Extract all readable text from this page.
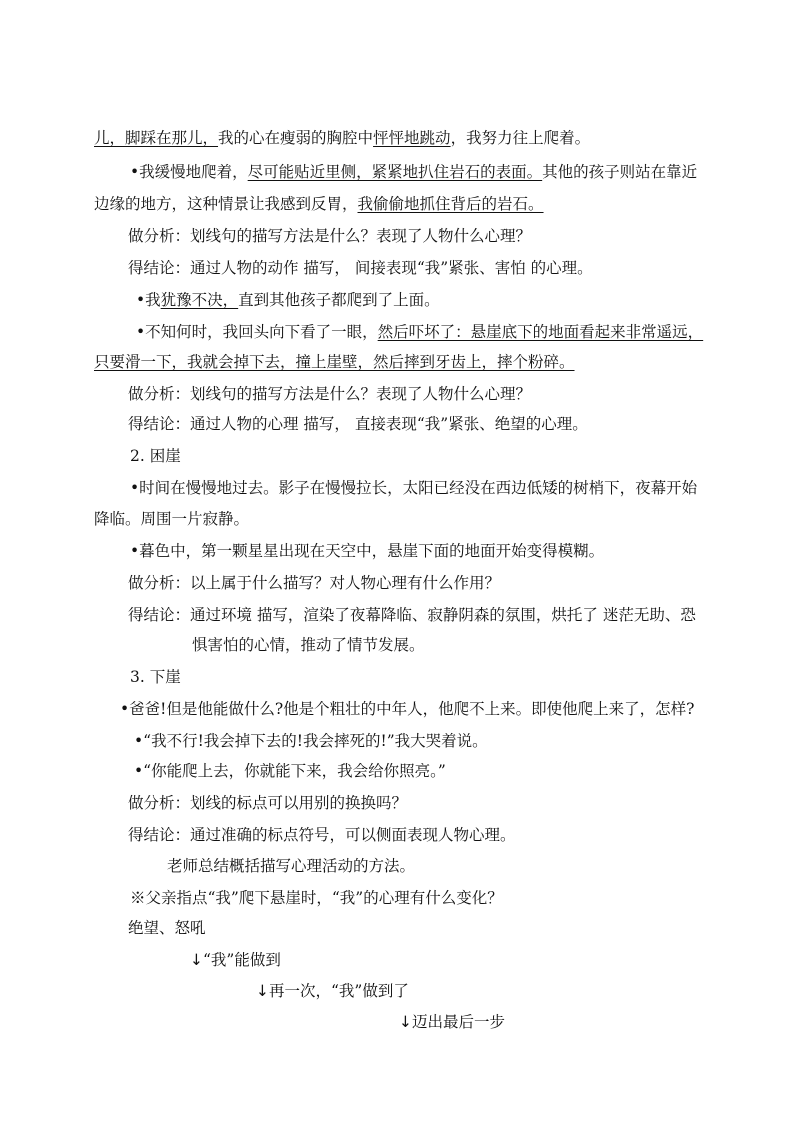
儿，脚踩在那儿，我的心在瘦弱的胸腔中怦怦地跳动，我努力往上爬着。
•我缓慢地爬着，尽可能贴近里侧，紧紧地扒住岩石的表面。其他的孩子则站在靠近
边缘的地方，这种情景让我感到反胃，我偷偷地抓住背后的岩石。
做分析：划线句的描写方法是什么？表现了人物什么心理？
得结论：通过人物的动作 描写， 间接表现“我”紧张、害怕 的心理。
•我犹豫不决，直到其他孩子都爬到了上面。
•不知何时，我回头向下看了一眼，然后吓坏了：悬崖底下的地面看起来非常遥远，
只要滑一下，我就会掉下去，撞上崖壁，然后摔到牙齿上，摔个粉碎。
做分析：划线句的描写方法是什么？表现了人物什么心理？
得结论：通过人物的心理 描写， 直接表现“我”紧张、绝望的心理。
2. 困崖
•时间在慢慢地过去。影子在慢慢拉长，太阳已经没在西边低矮的树梢下，夜幕开始
降临。周围一片寂静。
•暮色中，第一颗星星出现在天空中，悬崖下面的地面开始变得模糊。
做分析：以上属于什么描写？对人物心理有什么作用？
得结论：通过环境 描写，渲染了夜幕降临、寂静阴森的氛围，烘托了 迷茫无助、恐
惧害怕的心情，推动了情节发展。
3. 下崖
•爸爸!但是他能做什么?他是个粗壮的中年人，他爬不上来。即使他爬上来了，怎样?
•“我不行!我会掉下去的!我会摔死的!”我大哭着说。
•“你能爬上去，你就能下来，我会给你照亮。”
做分析：划线的标点可以用别的换换吗？
得结论：通过准确的标点符号，可以侧面表现人物心理。
老师总结概括描写心理活动的方法。
※父亲指点“我”爬下悬崖时，“我”的心理有什么变化？
绝望、怒吼
↓“我”能做到
↓再一次，“我”做到了
↓迈出最后一步
